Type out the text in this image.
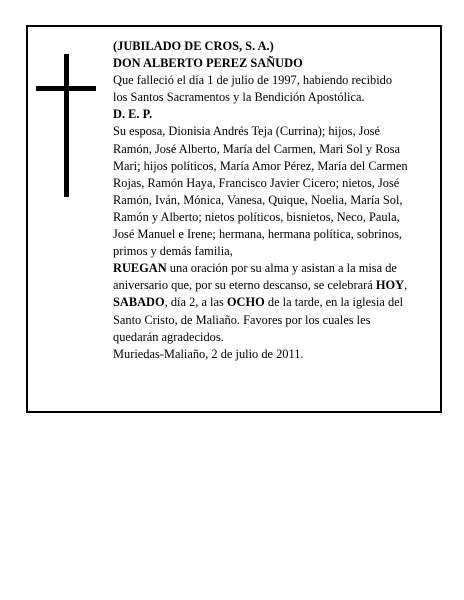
(JUBILADO DE CROS, S. A.)

DON ALBERTO PEREZ SAÑUDO

Que falleció el día 1 de julio de 1997, habiendo recibido

los Santos Sacramentos y la Bendición Apostólica.

D. E. P.

Su esposa, Dionisia Andrés Teja (Currina); hijos, José Ramón, José Alberto, María del Carmen, Mari Sol y Rosa Mari; hijos políticos, María Amor Pérez, María del Carmen Rojas, Ramón Haya, Francisco Javier Cicero; nietos, José Ramón, Iván, Mónica, Vanesa, Quique, Noelia, María Sol, Ramón y Alberto; nietos políticos, bisnietos, Neco, Paula, José Manuel e Irene; hermana, hermana política, sobrinos, primos y demás familia,

RUEGAN una oración por su alma y asistan a la misa de aniversario que, por su eterno descanso, se celebrará HOY, SABADO, día 2, a las OCHO de la tarde, en la iglesia del Santo Cristo, de Maliaño. Favores por los cuales les quedarán agradecidos.

Muriedas-Maliaño, 2 de julio de 2011.
